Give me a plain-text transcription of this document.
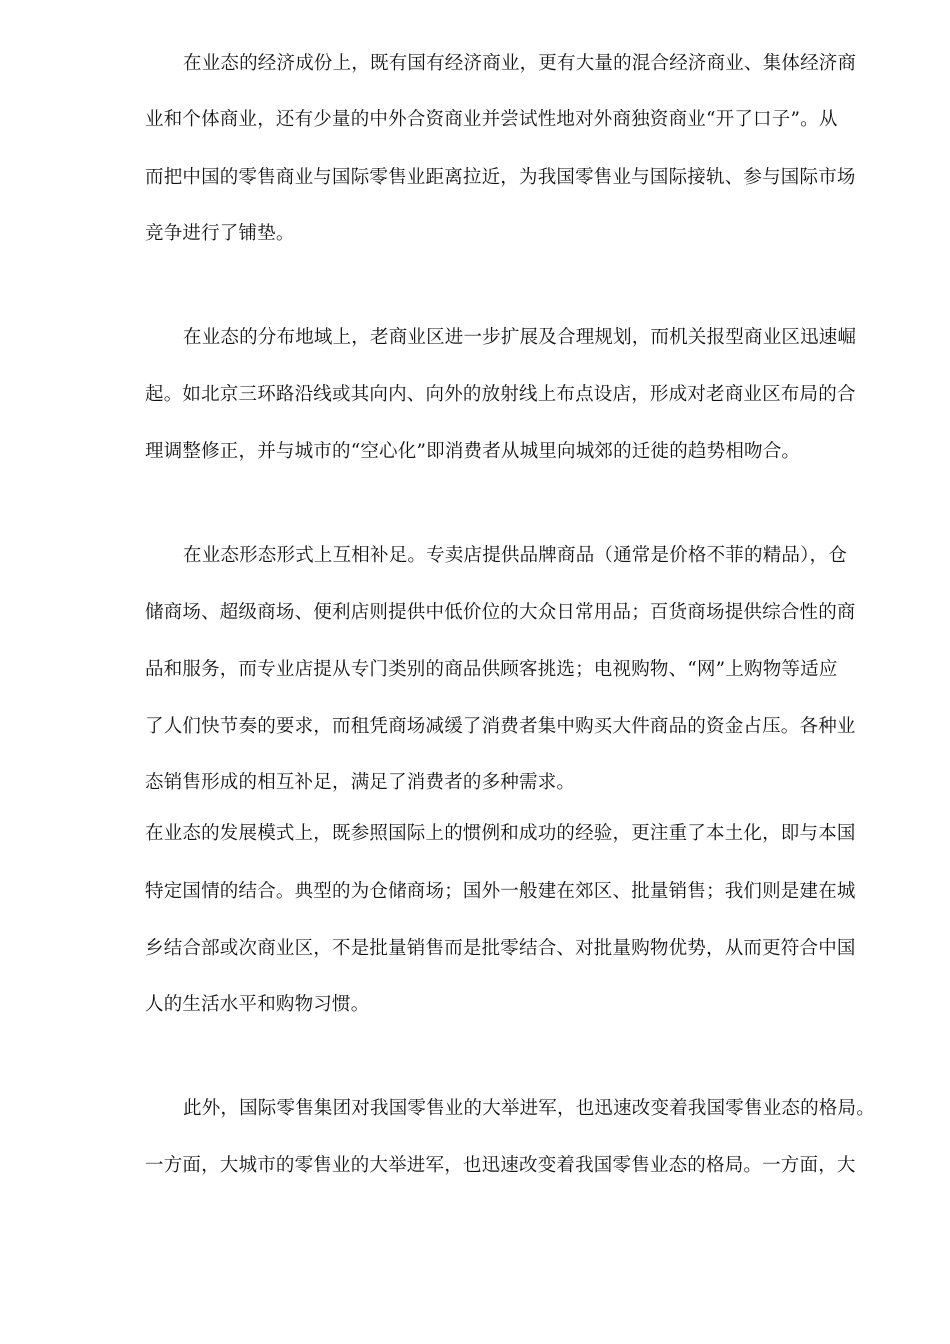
在业态的经济成份上，既有国有经济商业，更有大量的混合经济商业、集体经济商
业和个体商业，还有少量的中外合资商业并尝试性地对外商独资商业“开了口子”。从
而把中国的零售商业与国际零售业距离拉近，为我国零售业与国际接轨、参与国际市场
竞争进行了铺垫。
在业态的分布地域上，老商业区进一步扩展及合理规划，而机关报型商业区迅速崛
起。如北京三环路沿线或其向内、向外的放射线上布点设店，形成对老商业区布局的合
理调整修正，并与城市的“空心化”即消费者从城里向城郊的迁徙的趋势相吻合。
在业态形态形式上互相补足。专卖店提供品牌商品（通常是价格不菲的精品），仓
储商场、超级商场、便利店则提供中低价位的大众日常用品；百货商场提供综合性的商
品和服务，而专业店提从专门类别的商品供顾客挑选；电视购物、“网”上购物等适应
了人们快节奏的要求，而租凭商场减缓了消费者集中购买大件商品的资金占压。各种业
态销售形成的相互补足，满足了消费者的多种需求。
在业态的发展模式上，既参照国际上的惯例和成功的经验，更注重了本土化，即与本国
特定国情的结合。典型的为仓储商场；国外一般建在郊区、批量销售；我们则是建在城
乡结合部或次商业区，不是批量销售而是批零结合、对批量购物优势，从而更符合中国
人的生活水平和购物习惯。
此外，国际零售集团对我国零售业的大举进军，也迅速改变着我国零售业态的格局。
一方面，大城市的零售业的大举进军，也迅速改变着我国零售业态的格局。一方面，大
